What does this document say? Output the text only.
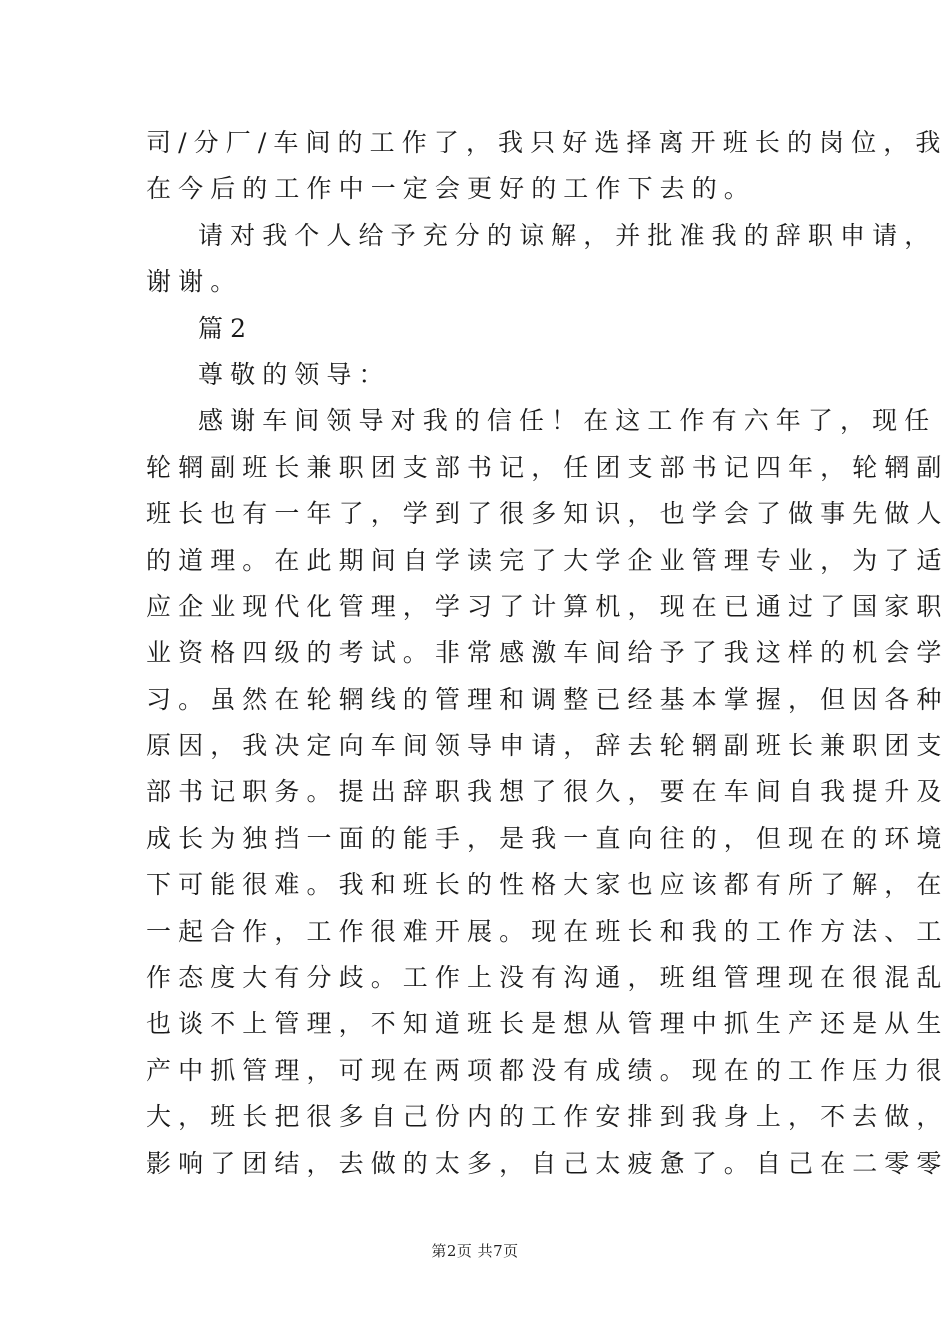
司/分厂/车间的工作了，我只好选择离开班长的岗位，我
在今后的工作中一定会更好的工作下去的。
请对我个人给予充分的谅解，并批准我的辞职申请，
谢谢。
篇2
尊敬的领导：
感谢车间领导对我的信任！在这工作有六年了，现任
轮辋副班长兼职团支部书记，任团支部书记四年，轮辋副
班长也有一年了，学到了很多知识，也学会了做事先做人
的道理。在此期间自学读完了大学企业管理专业，为了适
应企业现代化管理，学习了计算机，现在已通过了国家职
业资格四级的考试。非常感激车间给予了我这样的机会学
习。虽然在轮辋线的管理和调整已经基本掌握，但因各种
原因，我决定向车间领导申请，辞去轮辋副班长兼职团支
部书记职务。提出辞职我想了很久，要在车间自我提升及
成长为独挡一面的能手，是我一直向往的，但现在的环境
下可能很难。我和班长的性格大家也应该都有所了解，在
一起合作，工作很难开展。现在班长和我的工作方法、工
作态度大有分歧。工作上没有沟通，班组管理现在很混乱
也谈不上管理，不知道班长是想从管理中抓生产还是从生
产中抓管理，可现在两项都没有成绩。现在的工作压力很
大，班长把很多自己份内的工作安排到我身上，不去做，
影响了团结，去做的太多，自己太疲惫了。自己在二零零
第2页 共7页
